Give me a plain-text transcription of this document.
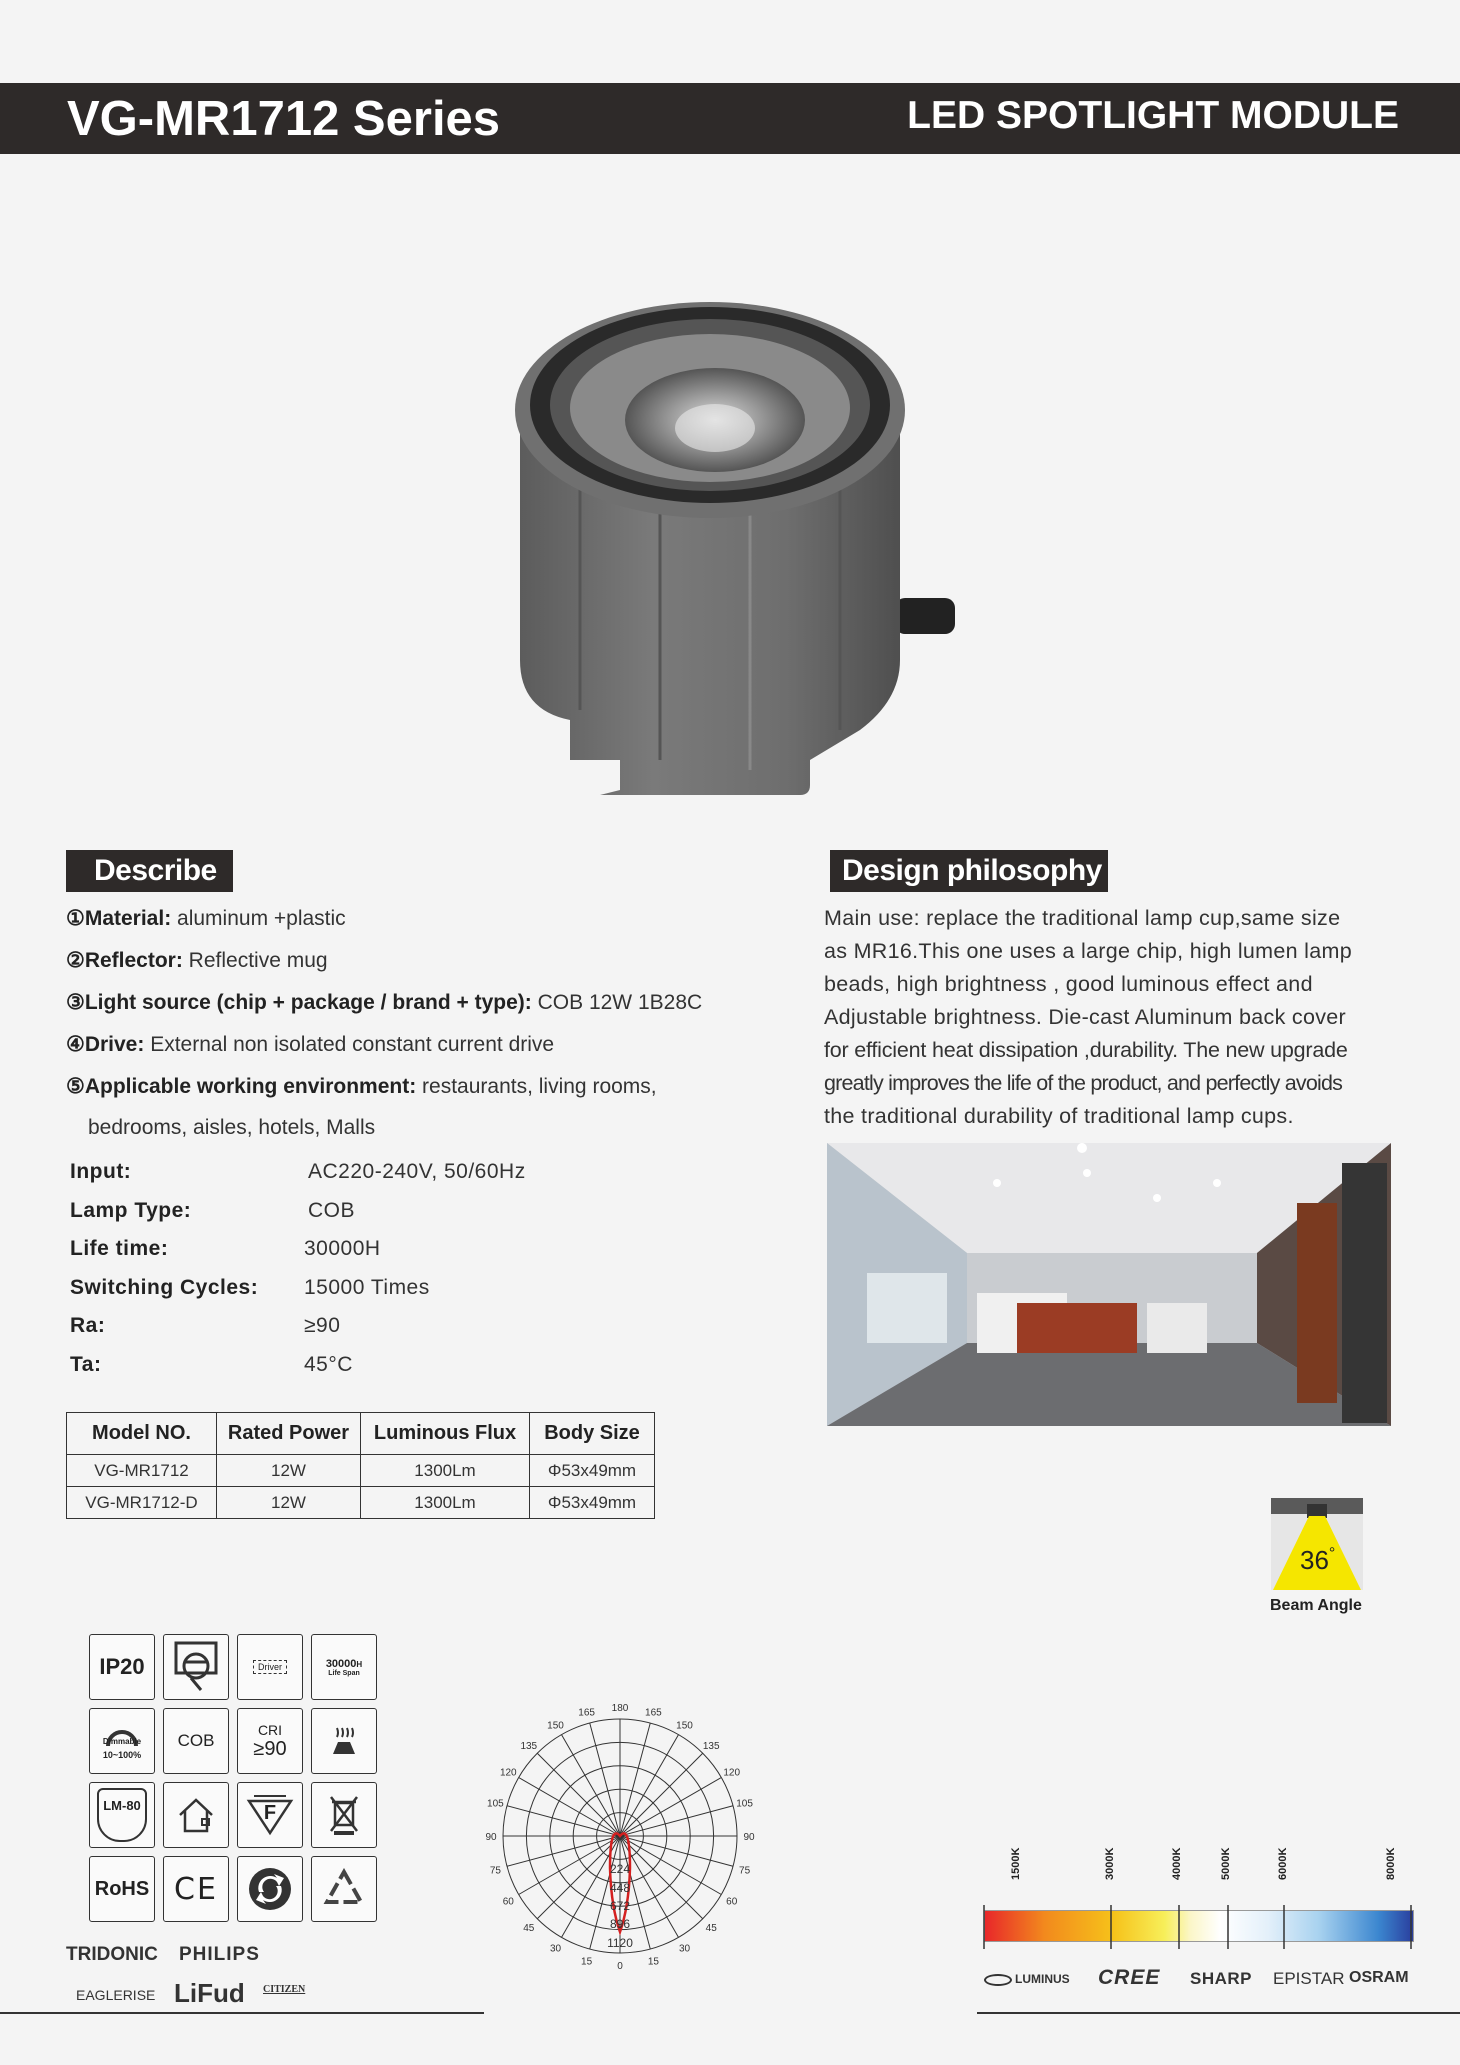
VG-MR1712 Series	LED SPOTLIGHT MODULE
Describe
①Material: aluminum +plastic
②Reflector: Reflective mug
③Light source (chip + package / brand + type): COB 12W 1B28C
④Drive: External non isolated constant current drive
⑤Applicable working environment: restaurants, living rooms,
bedrooms, aisles, hotels, Malls
Input:	AC220-240V, 50/60Hz
Lamp Type:	COB
Life time:	30000H
Switching Cycles: 15000 Times
Ra:	≥90
Ta:	45°C
Model NO.	Rated Power	Luminous Flux	Body Size
VG-MR1712	12W	1300Lm	Φ53x49mm
VG-MR1712-D	12W	1300Lm	Φ53x49mm
Design philosophy

Main use: replace the traditional lamp cup,same size

as MR16.This one uses a large chip, high lumen lamp

beads, high brightness , good luminous effect and

Adjustable brightness. Die-cast Aluminum back cover

for efficient heat dissipation ,durability. The new upgrade

greatly improves the life of the product, and perfectly avoids

the traditional durability of traditional lamp cups.

36°
Beam Angle
IP20	Driver	30000H
Life Span
Dimmable
10~100%
COB
CRI
≥90
LM-80	F
RoHS CE
TRIDONIC PHILIPS
EAGLERISE LiFud CITIZEN
180 165
165
150
150
135
135
120
120
105
105
90
90
75
75
60
60
45
45
30
30
15
15	0
224
448
672
896
1120
1500K	3000K	4000K	5000K	6000K	8000K
LUMINUS CREE SHARP EPISTAR OSRAM
